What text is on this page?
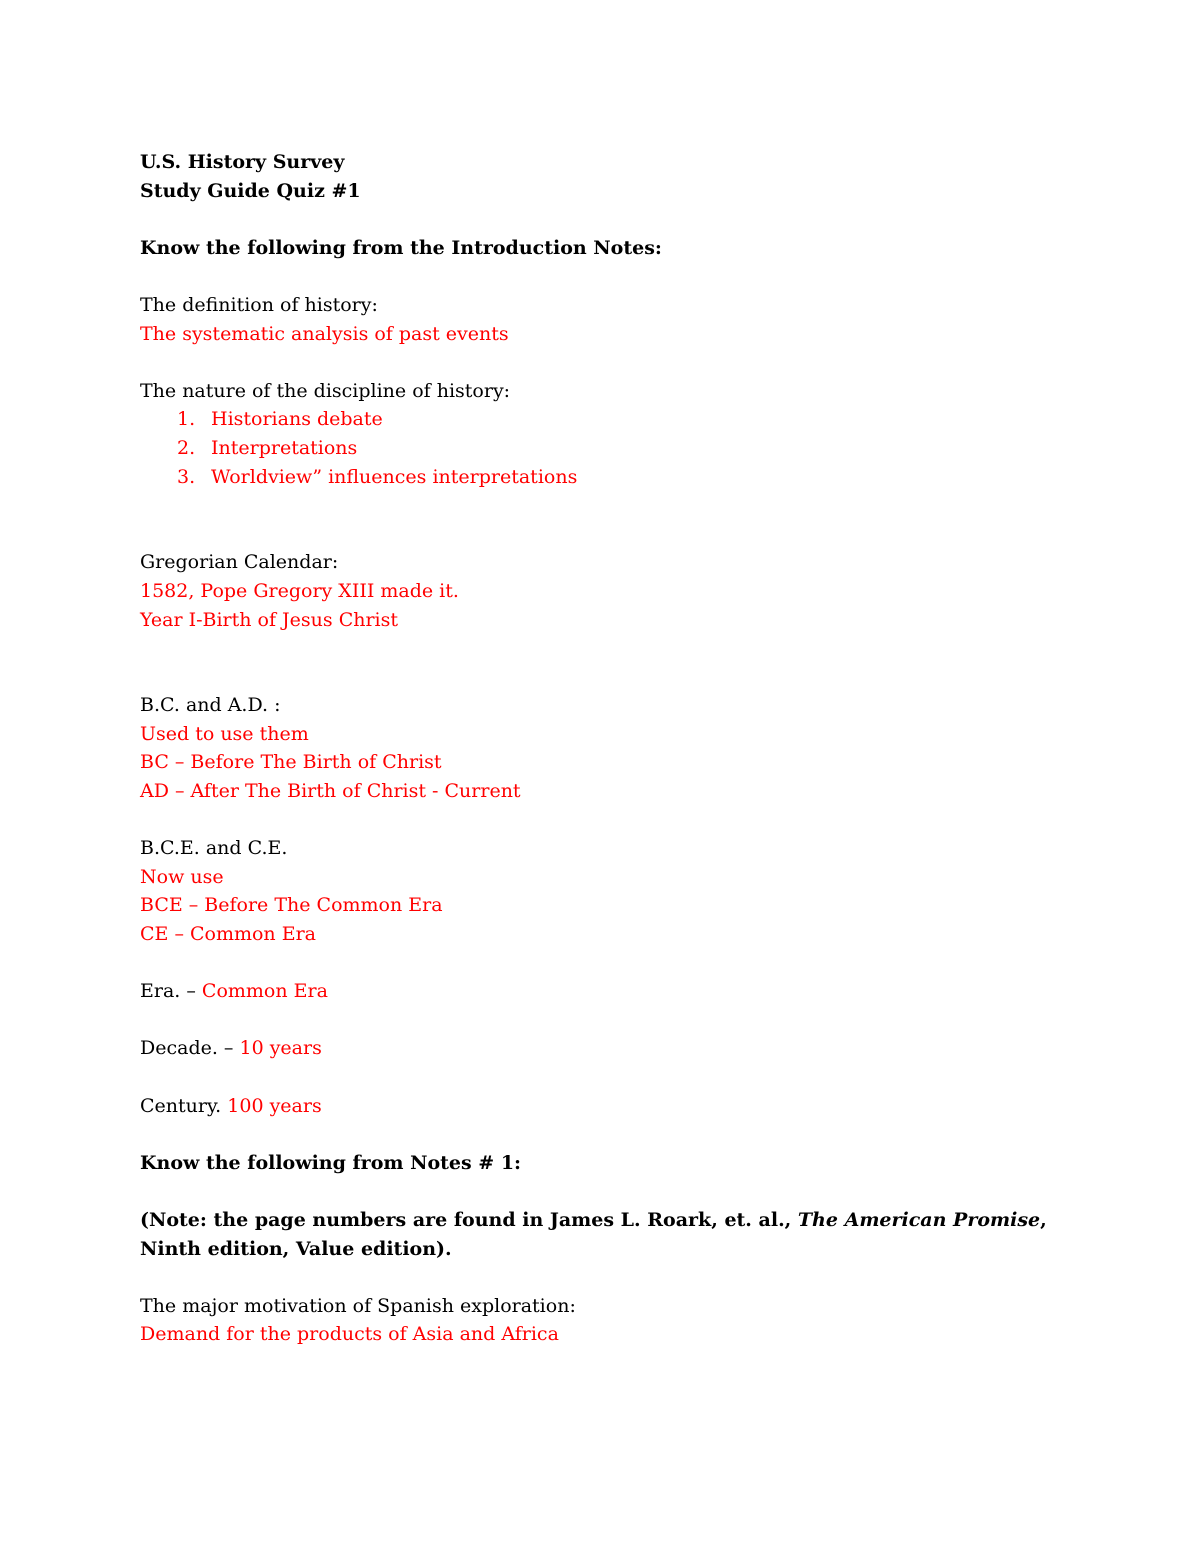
U.S. History Survey
Study Guide Quiz #1
Know the following from the Introduction Notes:
The definition of history:
The systematic analysis of past events
The nature of the discipline of history:
1. Historians debate
2. Interpretations
3. Worldview” influences interpretations
Gregorian Calendar:
1582, Pope Gregory XIII made it.
Year I-Birth of Jesus Christ
B.C. and A.D. :
Used to use them
BC – Before The Birth of Christ
AD – After The Birth of Christ - Current
B.C.E. and C.E.
Now use
BCE – Before The Common Era
CE – Common Era
Era. – Common Era
Decade. – 10 years
Century. 100 years
Know the following from Notes # 1:
(Note: the page numbers are found in James L. Roark, et. al., The American Promise, Ninth edition, Value edition).
The major motivation of Spanish exploration:
Demand for the products of Asia and Africa
